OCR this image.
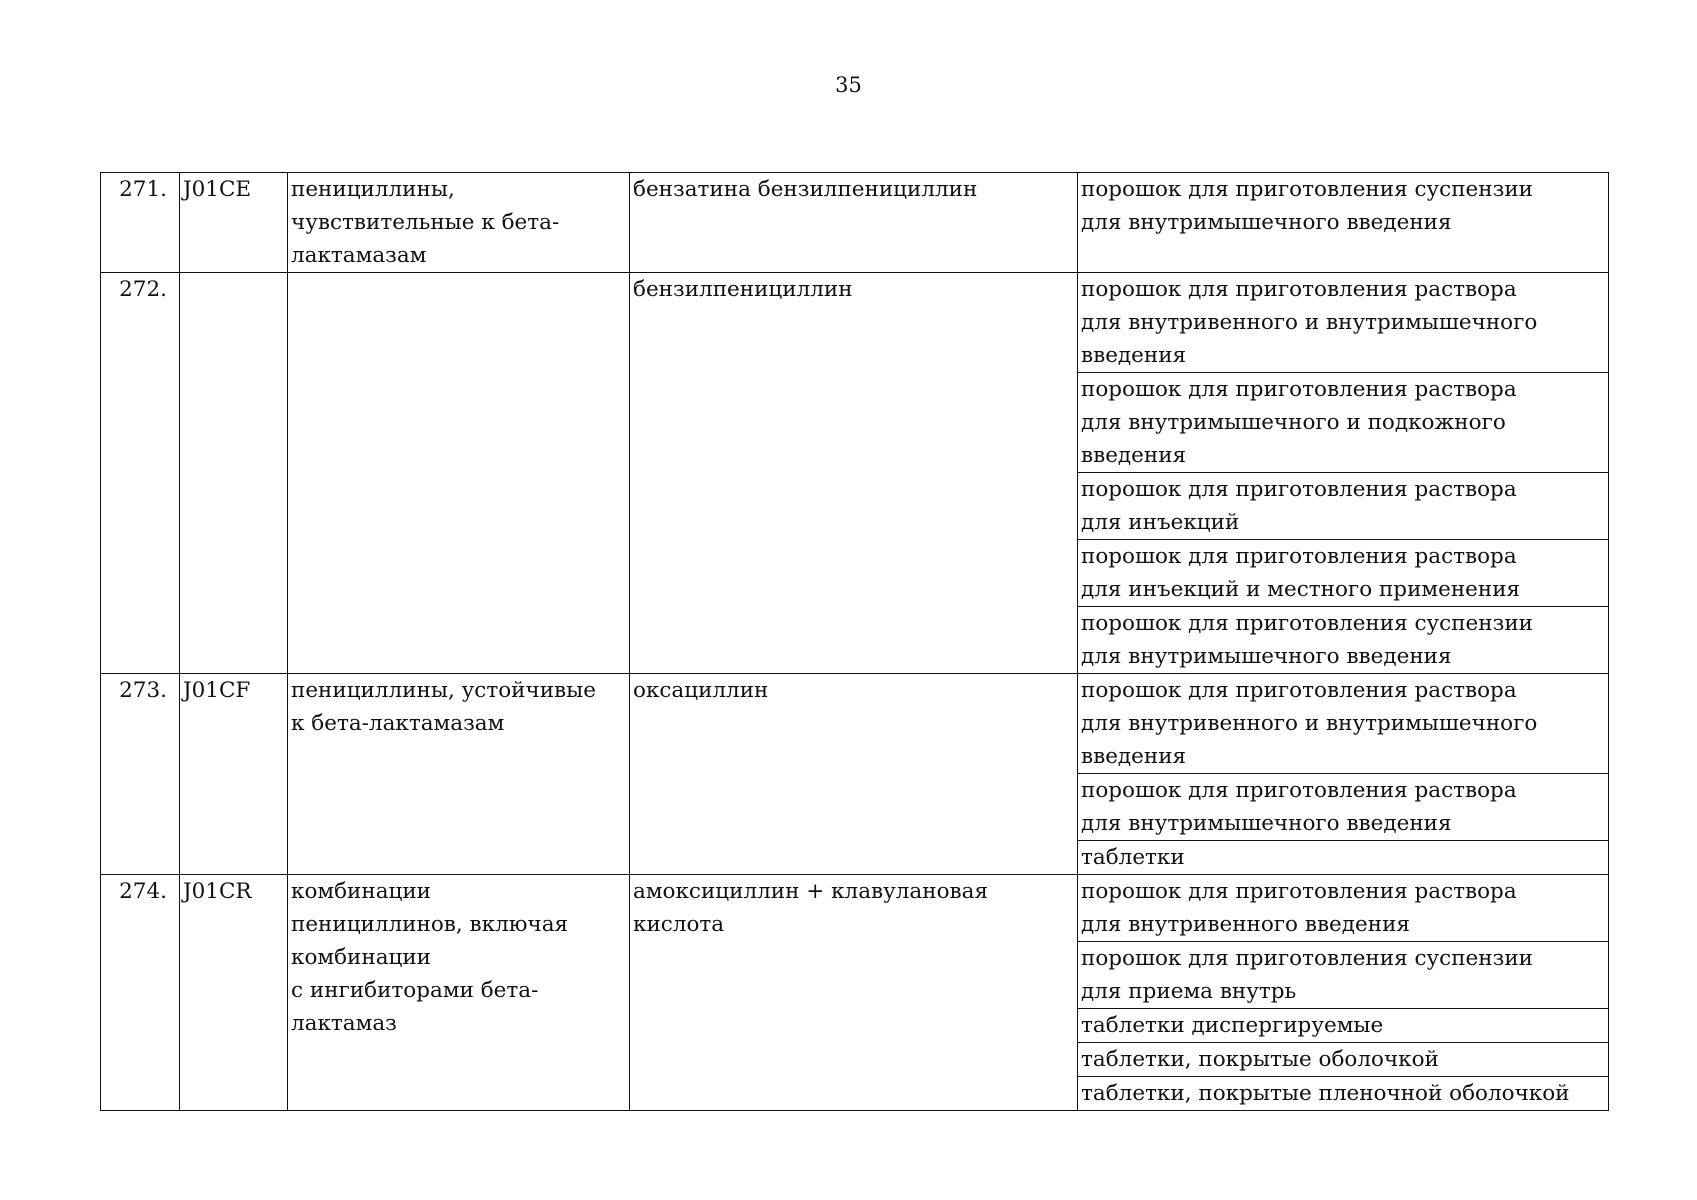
35
271.	J01CE	пенициллины,
чувствительные к бета-
лактамазам	бензатина бензилпенициллин	порошок для приготовления суспензии
для внутримышечного введения
272.			бензилпенициллин	порошок для приготовления раствора
для внутривенного и внутримышечного
введения
				порошок для приготовления раствора
для внутримышечного и подкожного
введения
				порошок для приготовления раствора
для инъекций
				порошок для приготовления раствора
для инъекций и местного применения
				порошок для приготовления суспензии
для внутримышечного введения
273.	J01CF	пенициллины, устойчивые
к бета-лактамазам	оксациллин	порошок для приготовления раствора
для внутривенного и внутримышечного
введения
				порошок для приготовления раствора
для внутримышечного введения
				таблетки
274.	J01CR	комбинации
пенициллинов, включая
комбинации
с ингибиторами бета-
лактамаз	амоксициллин + клавулановая
кислота	порошок для приготовления раствора
для внутривенного введения
				порошок для приготовления суспензии
для приема внутрь
				таблетки диспергируемые
				таблетки, покрытые оболочкой
				таблетки, покрытые пленочной оболочкой
